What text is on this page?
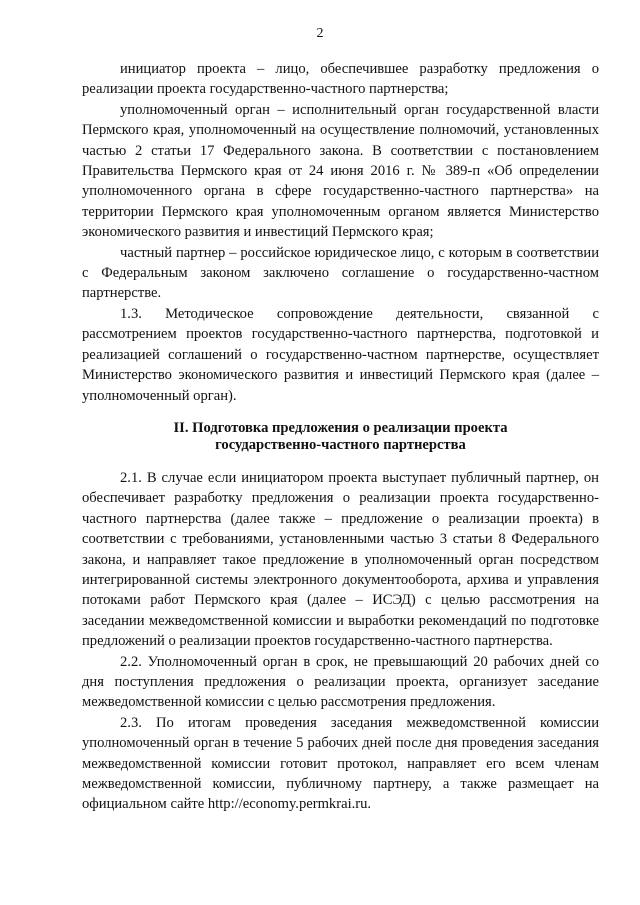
2

инициатор проекта – лицо, обеспечившее разработку предложения о реализации проекта государственно-частного партнерства;

уполномоченный орган – исполнительный орган государственной власти Пермского края, уполномоченный на осуществление полномочий, установленных частью 2 статьи 17 Федерального закона. В соответствии с постановлением Правительства Пермского края от 24 июня 2016 г. № 389-п «Об определении уполномоченного органа в сфере государственно-частного партнерства» на территории Пермского края уполномоченным органом является Министерство экономического развития и инвестиций Пермского края;

частный партнер – российское юридическое лицо, с которым в соответствии с Федеральным законом заключено соглашение о государственно-частном партнерстве.

1.3. Методическое сопровождение деятельности, связанной с рассмотрением проектов государственно-частного партнерства, подготовкой и реализацией соглашений о государственно-частном партнерстве, осуществляет Министерство экономического развития и инвестиций Пермского края (далее – уполномоченный орган).

II. Подготовка предложения о реализации проекта
государственно-частного партнерства

2.1. В случае если инициатором проекта выступает публичный партнер, он обеспечивает разработку предложения о реализации проекта государственно-частного партнерства (далее также – предложение о реализации проекта) в соответствии с требованиями, установленными частью 3 статьи 8 Федерального закона, и направляет такое предложение в уполномоченный орган посредством интегрированной системы электронного документооборота, архива и управления потоками работ Пермского края (далее – ИСЭД) с целью рассмотрения на заседании межведомственной комиссии и выработки рекомендаций по подготовке предложений о реализации проектов государственно-частного партнерства.

2.2. Уполномоченный орган в срок, не превышающий 20 рабочих дней со дня поступления предложения о реализации проекта, организует заседание межведомственной комиссии с целью рассмотрения предложения.

2.3. По итогам проведения заседания межведомственной комиссии уполномоченный орган в течение 5 рабочих дней после дня проведения заседания межведомственной комиссии готовит протокол, направляет его всем членам межведомственной комиссии, публичному партнеру, а также размещает на официальном сайте http://economy.permkrai.ru.
